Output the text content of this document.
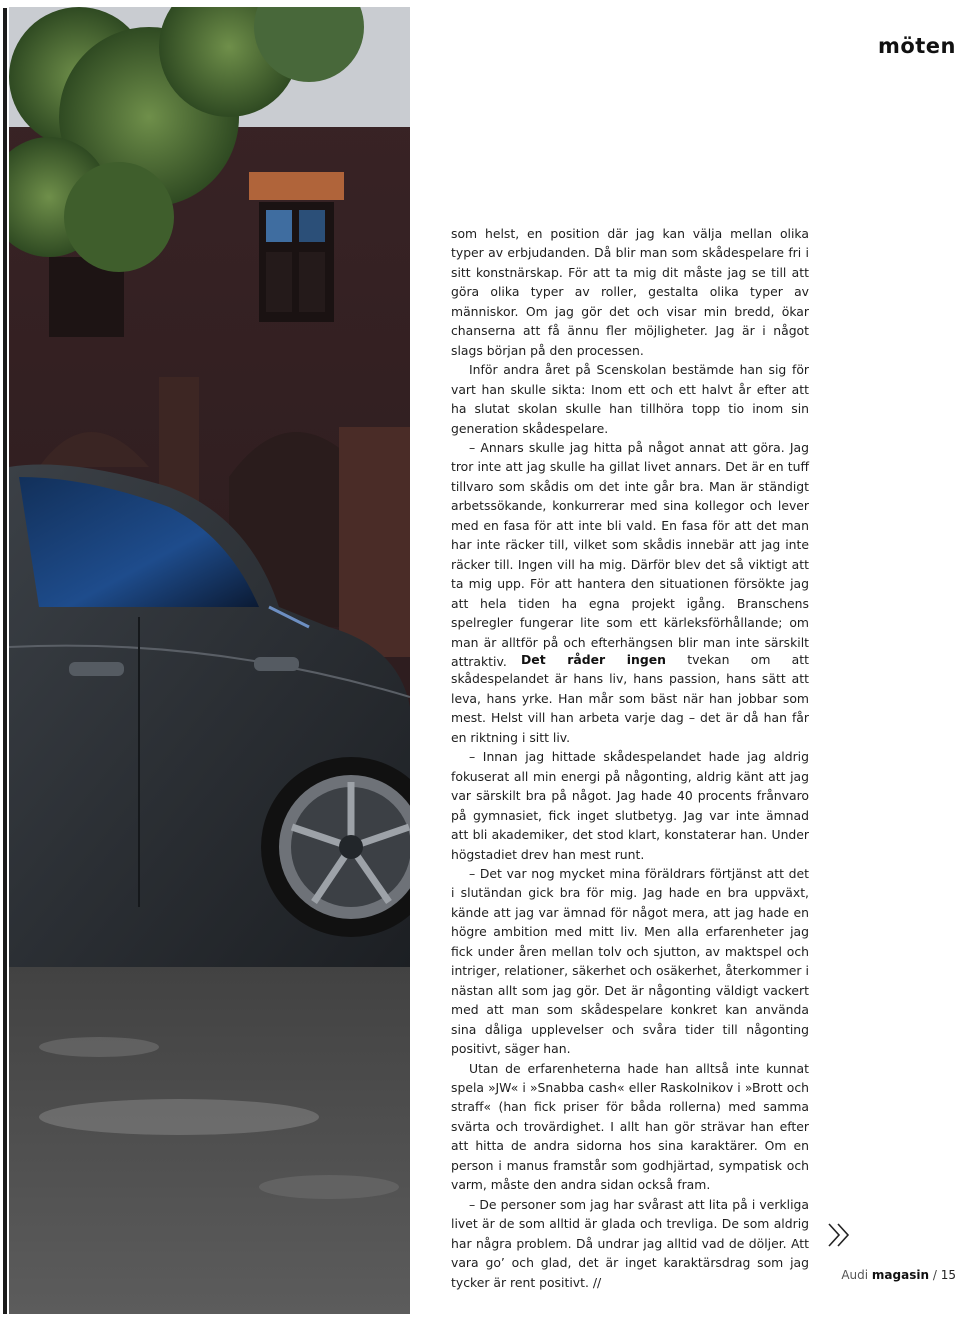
möten

som helst, en position där jag kan välja mellan olika typer av erbjudanden. Då blir man som skådespelare fri i sitt konstnärskap. För att ta mig dit måste jag se till att göra olika typer av roller, gestalta olika typer av människor. Om jag gör det och visar min bredd, ökar chanserna att få ännu fler möjligheter. Jag är i något slags början på den processen.

Inför andra året på Scenskolan bestämde han sig för vart han skulle sikta: Inom ett och ett halvt år efter att ha slutat skolan skulle han tillhöra topp tio inom sin generation skådespelare.

– Annars skulle jag hitta på något annat att göra. Jag tror inte att jag skulle ha gillat livet annars. Det är en tuff tillvaro som skådis om det inte går bra. Man är ständigt arbetssökande, konkurrerar med sina kollegor och lever med en fasa för att inte bli vald. En fasa för att det man har inte räcker till, vilket som skådis innebär att jag inte räcker till. Ingen vill ha mig. Därför blev det så viktigt att ta mig upp. För att hantera den situationen försökte jag att hela tiden ha egna projekt igång. Branschens spelregler fungerar lite som ett kärleksförhållande; om man är alltför på och efterhängsen blir man inte särskilt attraktiv.	Det råder ingen tvekan om att skådespelandet är hans liv, hans passion, hans sätt att leva, hans yrke. Han mår som bäst när han jobbar som mest. Helst vill han arbeta varje dag – det är då han får en riktning i sitt liv.

– Innan jag hittade skådespelandet hade jag aldrig fokuserat all min energi på någonting, aldrig känt att jag var särskilt bra på något. Jag hade 40 procents frånvaro på gymnasiet, fick inget slutbetyg. Jag var inte ämnad att bli akademiker, det stod klart, konstaterar han. Under högstadiet drev han mest runt.

– Det var nog mycket mina föräldrars förtjänst att det i slutändan gick bra för mig. Jag hade en bra uppväxt, kände att jag var ämnad för något mera, att jag hade en högre ambition med mitt liv. Men alla erfarenheter jag fick under åren mellan tolv och sjutton, av maktspel och intriger, relationer, säkerhet och osäkerhet, återkommer i nästan allt som jag gör. Det är någonting väldigt vackert med att man som skådespelare konkret kan använda sina dåliga upplevelser och svåra tider till någonting positivt, säger han.

Utan de erfarenheterna hade han alltså inte kunnat spela »JW« i »Snabba cash« eller Raskolnikov i »Brott och straff« (han fick priser för båda rollerna) med samma svärta och trovärdighet. I allt han gör strävar han efter att hitta de andra sidorna hos sina karaktärer. Om en person i manus framstår som godhjärtad, sympatisk och varm, måste den andra sidan också fram.

– De personer som jag har svårast att lita på i verkliga livet är de som alltid är glada och trevliga. De som aldrig har några problem. Då undrar jag alltid vad de döljer. Att vara go’ och glad, det är inget karaktärsdrag som jag tycker är rent positivt. //	Audi magasin / 15
